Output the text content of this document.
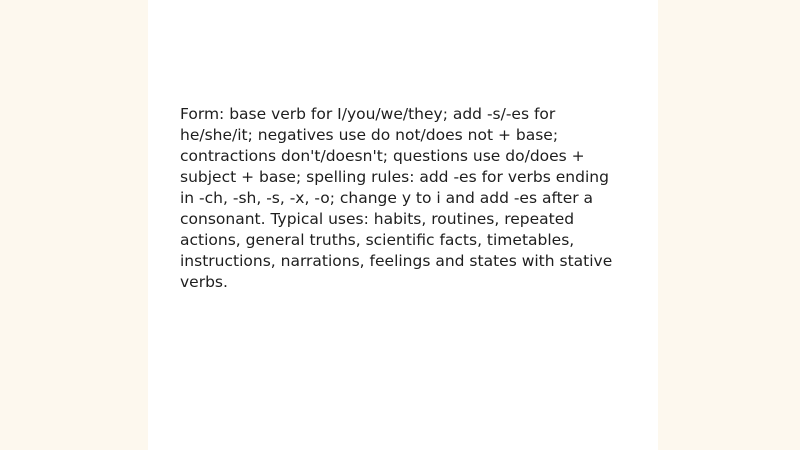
Form: base verb for I/you/we/they; add -s/-es for he/she/it; negatives use do not/does not + base; contractions don't/doesn't; questions use do/does + subject + base; spelling rules: add -es for verbs ending in -ch, -sh, -s, -x, -o; change y to i and add -es after a consonant. Typical uses: habits, routines, repeated actions, general truths, scientific facts, timetables, instructions, narrations, feelings and states with stative verbs.
